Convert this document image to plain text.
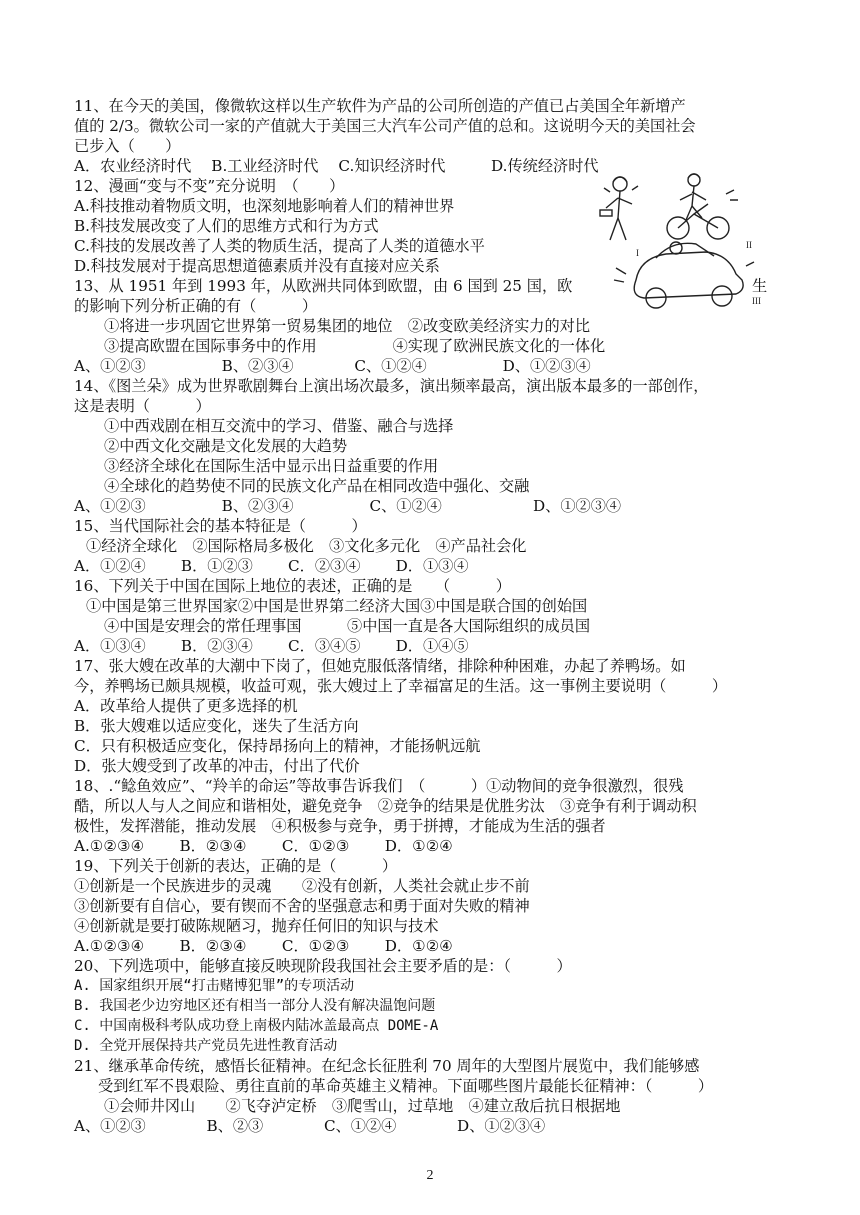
11、在今天的美国，像微软这样以生产软件为产品的公司所创造的产值已占美国全年新增产
值的 2/3。微软公司一家的产值就大于美国三大汽车公司产值的总和。这说明今天的美国社会
已步入（　　）
A．农业经济时代　 B.工业经济时代　 C.知识经济时代　　　D.传统经济时代
12、漫画“变与不变”充分说明　（　　）
A.科技推动着物质文明，也深刻地影响着人们的精神世界
B.科技发展改变了人们的思维方式和行为方式
C.科技的发展改善了人类的物质生活，提高了人类的道德水平
D.科技发展对于提高思想道德素质并没有直接对应关系
13、从 1951 年到 1993 年，从欧洲共同体到欧盟，由 6 国到 25 国，欧	生
的影响下列分析正确的有（　　　）
①将进一步巩固它世界第一贸易集团的地位　②改变欧美经济实力的对比
③提高欧盟在国际事务中的作用　　　　　④实现了欧洲民族文化的一体化
A、①②③　　　　　B、②③④　　　　C、①②④　　　　　D、①②③④
14、《图兰朵》成为世界歌剧舞台上演出场次最多，演出频率最高，演出版本最多的一部创作，
这是表明（　　　）
①中西戏剧在相互交流中的学习、借鉴、融合与选择
②中西文化交融是文化发展的大趋势
③经济全球化在国际生活中显示出日益重要的作用
④全球化的趋势使不同的民族文化产品在相同改造中强化、交融
A、①②③　　　　　B、②③④　　　　　C、①②④　　　　　　D、①②③④
15、当代国际社会的基本特征是（　　　）
①经济全球化　②国际格局多极化　③文化多元化　④产品社会化
A．①②④　　 B．①②③　　 C．②③④　　 D．①③④
16、下列关于中国在国际上地位的表述，正确的是　　（　　　）
①中国是第三世界国家②中国是世界第二经济大国③中国是联合国的创始国
④中国是安理会的常任理事国　　　⑤中国一直是各大国际组织的成员国
A．①③④　　 B．②③④　　 C．③④⑤　　 D．①④⑤
17、张大嫂在改革的大潮中下岗了，但她克服低落情绪，排除种种困难，办起了养鸭场。如
今，养鸭场已颇具规模，收益可观，张大嫂过上了幸福富足的生活。这一事例主要说明（　　　）
A．改革给人提供了更多选择的机
B．张大嫂难以适应变化，迷失了生活方向
C．只有积极适应变化，保持昂扬向上的精神，才能扬帆远航
D．张大嫂受到了改革的冲击，付出了代价
18、.“鲶鱼效应”、“羚羊的命运”等故事告诉我们　（　　　）①动物间的竞争很激烈，很残
酷，所以人与人之间应和谐相处，避免竞争　②竞争的结果是优胜劣汰　③竞争有利于调动积
极性，发挥潜能，推动发展　④积极参与竞争，勇于拼搏，才能成为生活的强者
A.①②③④　　 B．②③④　　 C．①②③　　 D．①②④
19、下列关于创新的表达，正确的是（　　　）
①创新是一个民族进步的灵魂　　②没有创新，人类社会就止步不前
③创新要有自信心，要有锲而不舍的坚强意志和勇于面对失败的精神
④创新就是要打破陈规陋习，抛弃任何旧的知识与技术
A.①②③④　　 B．②③④　　 C．①②③　　 D．①②④
20、下列选项中，能够直接反映现阶段我国社会主要矛盾的是：（　　　）
A. 国家组织开展“打击赌博犯罪”的专项活动
B. 我国老少边穷地区还有相当一部分人没有解决温饱问题
C. 中国南极科考队成功登上南极内陆冰盖最高点 DOME-A
D. 全党开展保持共产党员先进性教育活动
21、继承革命传统，感悟长征精神。在纪念长征胜利 70 周年的大型图片展览中，我们能够感
受到红军不畏艰险、勇往直前的革命英雄主义精神。下面哪些图片最能长征精神：（　　　）
①会师井冈山　　②飞夺泸定桥　③爬雪山，过草地　④建立敌后抗日根据地
A、①②③　　　　B、②③　　　　C、①②④　　　　D、①②③④
I
II
III
2
